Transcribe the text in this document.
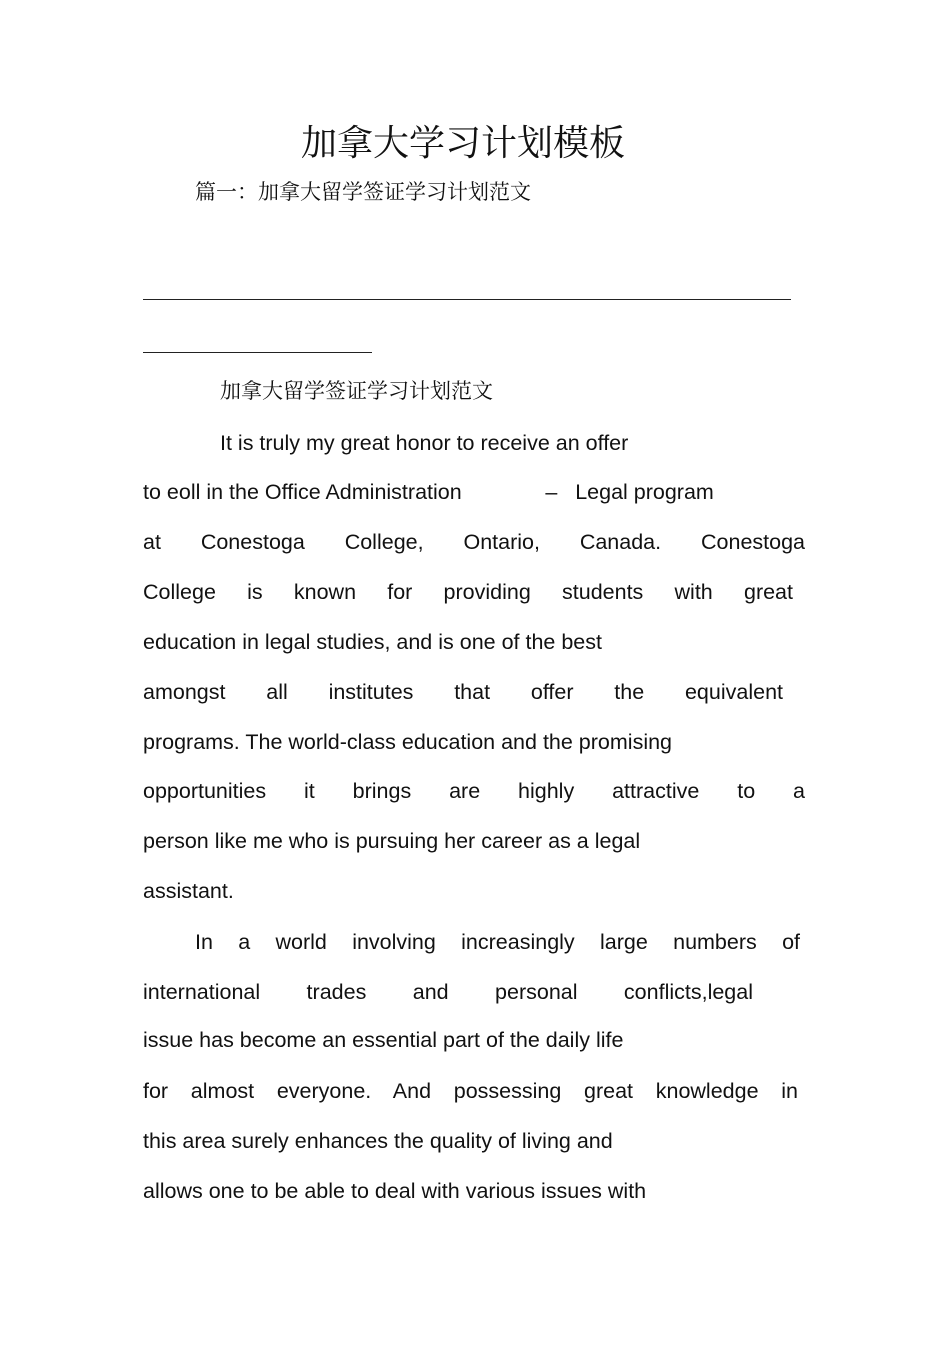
加拿大学习计划模板

篇一：加拿大留学签证学习计划范文

加拿大留学签证学习计划范文

It is truly my great honor to receive an offer

to eoll in the Office Administration              –   Legal program

at Conestoga College, Ontario, Canada. Conestoga

College is known for providing students with great

education in legal studies, and is one of the best

amongst all institutes that offer the equivalent

programs. The world-class education and the promising

opportunities it brings are highly attractive to a

person like me who is pursuing her career as a legal

assistant.

In a world involving increasingly large numbers of

international trades and personal conflicts,legal

issue has become an essential part of the daily life

for almost everyone. And possessing great knowledge in

this area surely enhances the quality of living and

allows one to be able to deal with various issues with
